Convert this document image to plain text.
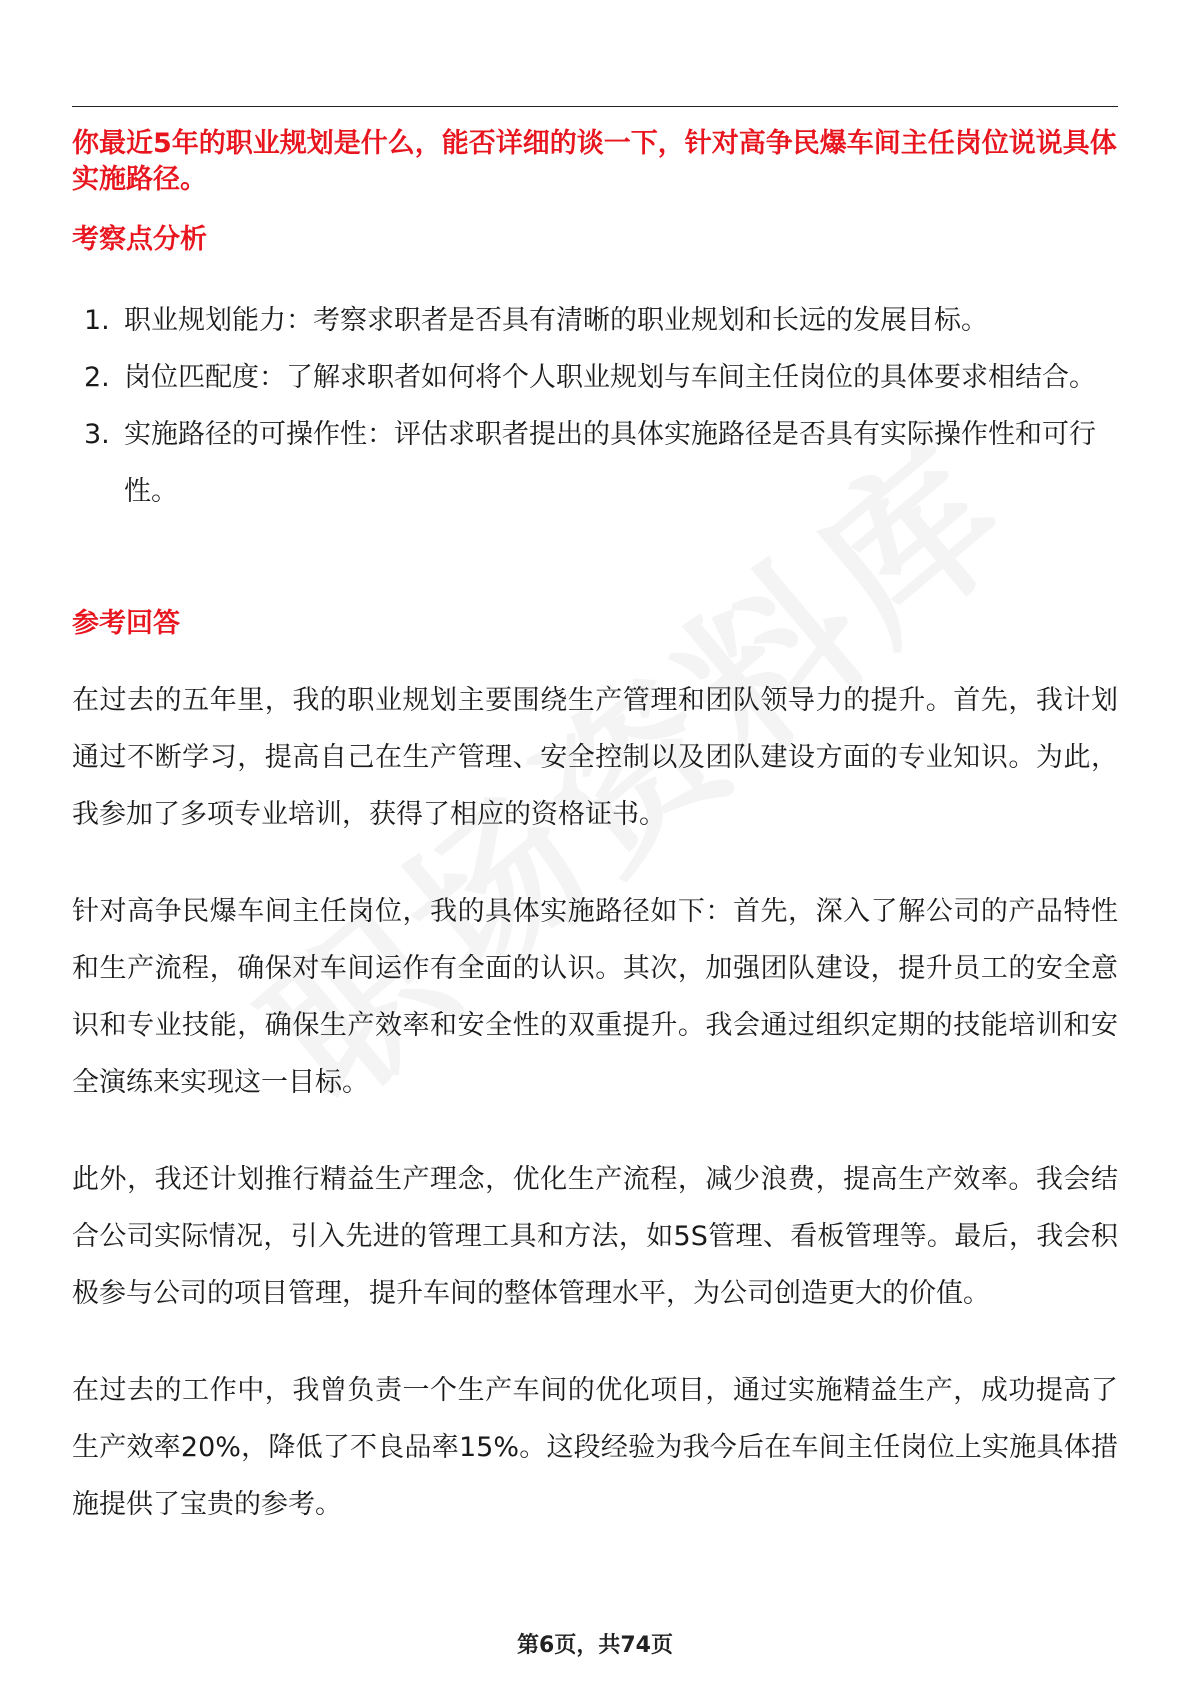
你最近5年的职业规划是什么，能否详细的谈一下，针对高争民爆车间主任岗位说说具体实施路径。

考察点分析

1. 职业规划能力：考察求职者是否具有清晰的职业规划和长远的发展目标。
2. 岗位匹配度：了解求职者如何将个人职业规划与车间主任岗位的具体要求相结合。
3. 实施路径的可操作性：评估求职者提出的具体实施路径是否具有实际操作性和可行性。

参考回答

在过去的五年里，我的职业规划主要围绕生产管理和团队领导力的提升。首先，我计划通过不断学习，提高自己在生产管理、安全控制以及团队建设方面的专业知识。为此，我参加了多项专业培训，获得了相应的资格证书。

针对高争民爆车间主任岗位，我的具体实施路径如下：首先，深入了解公司的产品特性和生产流程，确保对车间运作有全面的认识。其次，加强团队建设，提升员工的安全意识和专业技能，确保生产效率和安全性的双重提升。我会通过组织定期的技能培训和安全演练来实现这一目标。

此外，我还计划推行精益生产理念，优化生产流程，减少浪费，提高生产效率。我会结合公司实际情况，引入先进的管理工具和方法，如5S管理、看板管理等。最后，我会积极参与公司的项目管理，提升车间的整体管理水平，为公司创造更大的价值。

在过去的工作中，我曾负责一个生产车间的优化项目，通过实施精益生产，成功提高了生产效率20%，降低了不良品率15%。这段经验为我今后在车间主任岗位上实施具体措施提供了宝贵的参考。

第6页，共74页
